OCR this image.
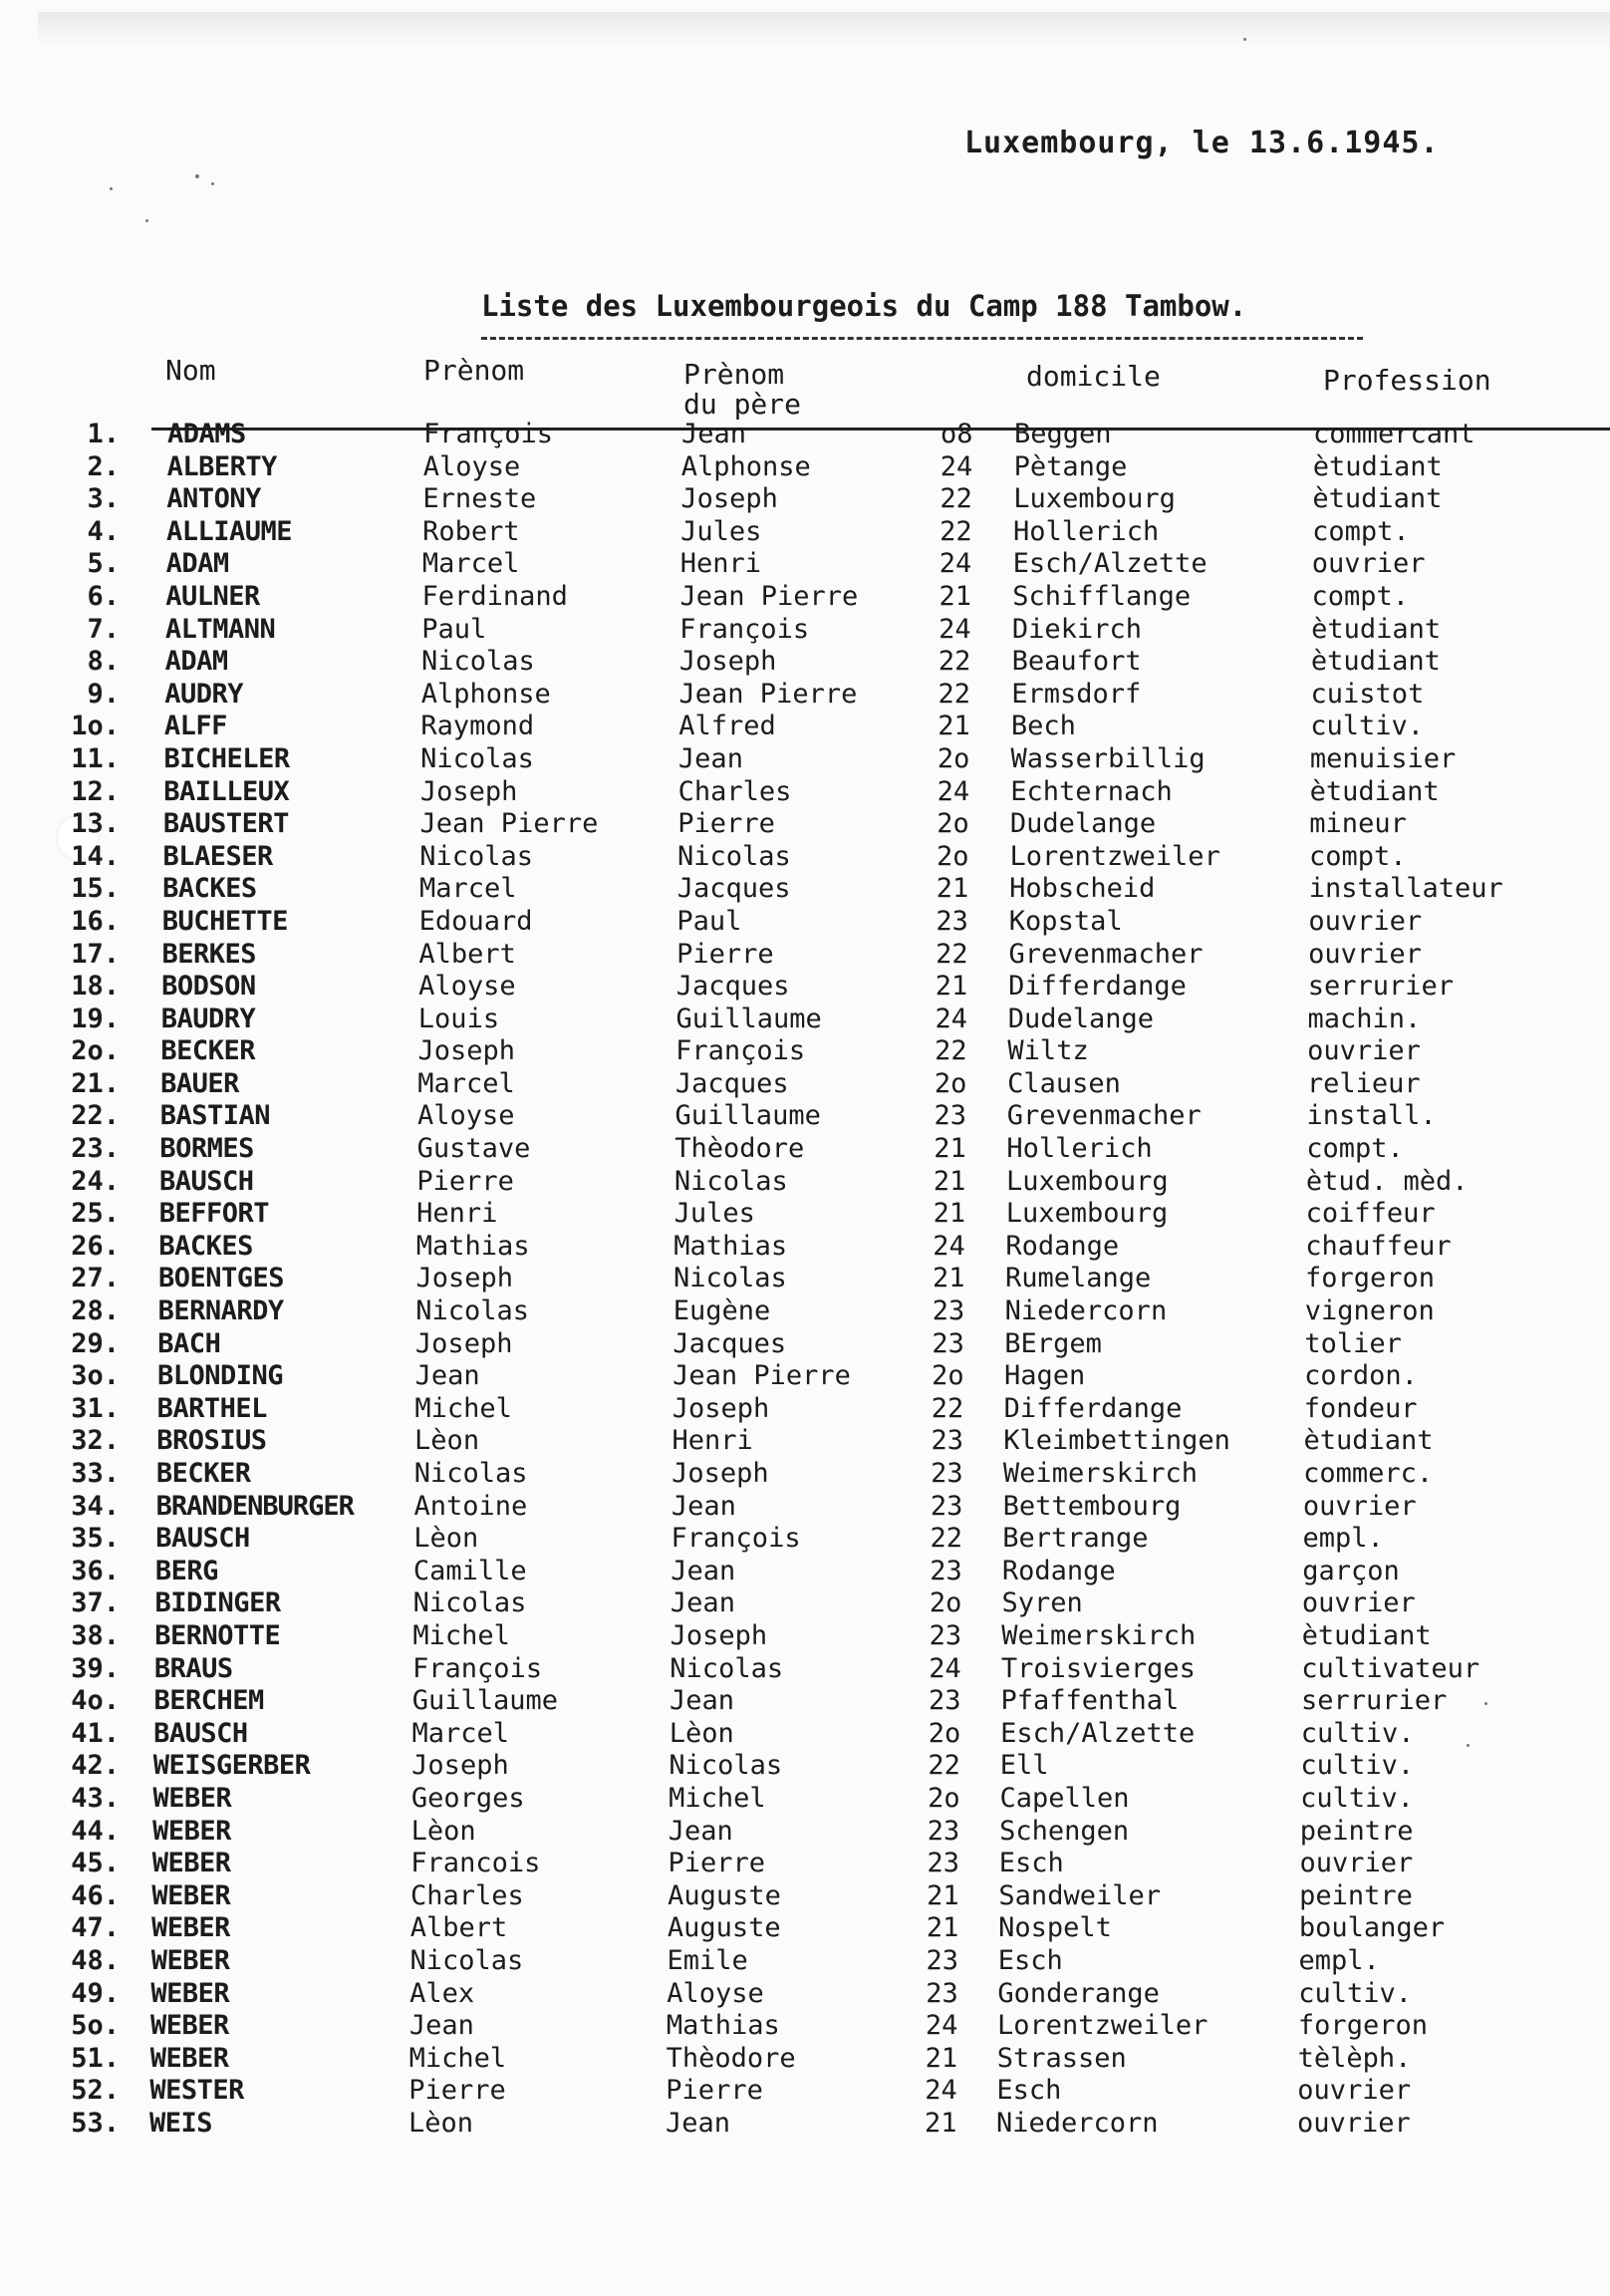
Luxembourg, le 13.6.1945.
Liste des Luxembourgeois du Camp 188 Tambow.
Nom	Prènom	Prènom
du père
domicile	Profession
1. ADAMS	François	Jean	o8 Beggen	commercant
2. ALBERTY	Aloyse	Alphonse	24 Pètange	ètudiant
3. ANTONY	Erneste	Joseph	22 Luxembourg	ètudiant
4. ALLIAUME	Robert	Jules	22 Hollerich	compt.
5. ADAM	Marcel	Henri	24 Esch/Alzette	ouvrier
6. AULNER	Ferdinand	Jean Pierre	21 Schifflange	compt.
7. ALTMANN	Paul	François	24 Diekirch	ètudiant
8. ADAM	Nicolas	Joseph	22 Beaufort	ètudiant
9. AUDRY	Alphonse	Jean Pierre	22 Ermsdorf	cuistot
1o. ALFF	Raymond	Alfred	21 Bech	cultiv.
11. BICHELER	Nicolas	Jean	2o Wasserbillig	menuisier
12. BAILLEUX	Joseph	Charles	24 Echternach	ètudiant
13. BAUSTERT	Jean Pierre	Pierre	2o Dudelange	mineur
14. BLAESER	Nicolas	Nicolas	2o Lorentzweiler	compt.
15. BACKES	Marcel	Jacques	21 Hobscheid	installateur
16. BUCHETTE	Edouard	Paul	23 Kopstal	ouvrier
17. BERKES	Albert	Pierre	22 Grevenmacher	ouvrier
18. BODSON	Aloyse	Jacques	21 Differdange	serrurier
19. BAUDRY	Louis	Guillaume	24 Dudelange	machin.
2o. BECKER	Joseph	François	22 Wiltz	ouvrier
21. BAUER	Marcel	Jacques	2o Clausen	relieur
22. BASTIAN	Aloyse	Guillaume	23 Grevenmacher	install.
23. BORMES	Gustave	Thèodore	21 Hollerich	compt.
24. BAUSCH	Pierre	Nicolas	21 Luxembourg	ètud. mèd.
25. BEFFORT	Henri	Jules	21 Luxembourg	coiffeur
26. BACKES	Mathias	Mathias	24 Rodange	chauffeur
27. BOENTGES	Joseph	Nicolas	21 Rumelange	forgeron
28. BERNARDY	Nicolas	Eugène	23 Niedercorn	vigneron
29. BACH	Joseph	Jacques	23 BErgem	tolier
3o. BLONDING	Jean	Jean Pierre	2o Hagen	cordon.
31. BARTHEL	Michel	Joseph	22 Differdange	fondeur
32. BROSIUS	Lèon	Henri	23 Kleimbettingen	ètudiant
33. BECKER	Nicolas	Joseph	23 Weimerskirch	commerc.
34. BRANDENBURGER Antoine	Jean	23 Bettembourg	ouvrier
35. BAUSCH	Lèon	François	22 Bertrange	empl.
36. BERG	Camille	Jean	23 Rodange	garçon
37. BIDINGER	Nicolas	Jean	2o Syren	ouvrier
38. BERNOTTE	Michel	Joseph	23 Weimerskirch	ètudiant
39. BRAUS	François	Nicolas	24 Troisvierges	cultivateur
4o. BERCHEM	Guillaume	Jean	23 Pfaffenthal	serrurier
41. BAUSCH	Marcel	Lèon	2o Esch/Alzette	cultiv.
42. WEISGERBER	Joseph	Nicolas	22 Ell	cultiv.
43. WEBER	Georges	Michel	2o Capellen	cultiv.
44. WEBER	Lèon	Jean	23 Schengen	peintre
45. WEBER	Francois	Pierre	23 Esch	ouvrier
46. WEBER	Charles	Auguste	21 Sandweiler	peintre
47. WEBER	Albert	Auguste	21 Nospelt	boulanger
48. WEBER	Nicolas	Emile	23 Esch	empl.
49. WEBER	Alex	Aloyse	23 Gonderange	cultiv.
5o. WEBER	Jean	Mathias	24 Lorentzweiler	forgeron
51. WEBER	Michel	Thèodore	21 Strassen	tèlèph.
52. WESTER	Pierre	Pierre	24 Esch	ouvrier
53. WEIS	Lèon	Jean	21 Niedercorn	ouvrier
